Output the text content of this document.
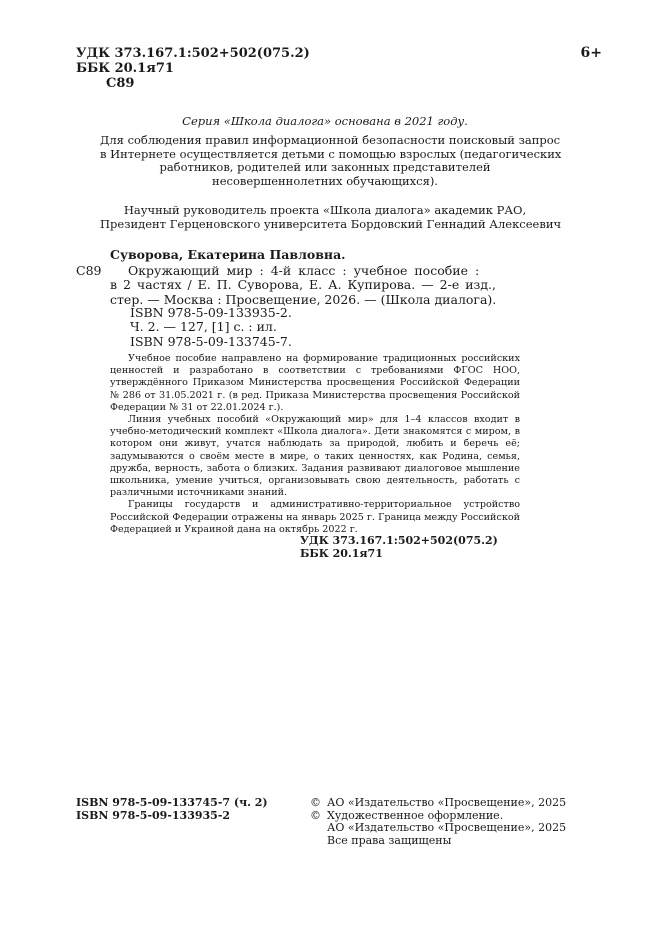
УДК 373.167.1:502+502(075.2)
ББК 20.1я71
С89
6+
Серия «Школа диалога» основана в 2021 году.
Для соблюдения правил информационной безопасности поисковый запрос
в Интернете осуществляется детьми с помощью взрослых (педагогических
работников, родителей или законных представителей
несовершеннолетних обучающихся).
Научный руководитель проекта «Школа диалога» академик РАО,
Президент Герценовского университета Бордовский Геннадий Алексеевич
Суворова, Екатерина Павловна.
С89	Окружающий мир : 4-й класс : учебное пособие :
в 2 частях / Е. П. Суворова, Е. А. Купирова. — 2-е изд.,
стер. — Москва : Просвещение, 2026. — (Школа диалога).
ISBN 978-5-09-133935-2.
Ч. 2. — 127, [1] с. : ил.
ISBN 978-5-09-133745-7.

Учебное пособие направлено на формирование традиционных российских ценностей и разработано в соответствии с требованиями ФГОС НОО, утверждённого Приказом Министерства просвещения Российской Федерации № 286 от 31.05.2021 г. (в ред. Приказа Министерства просвещения Российской Федерации № 31 от 22.01.2024 г.).

Линия учебных пособий «Окружающий мир» для 1–4 классов входит в учебно-методический комплект «Школа диалога». Дети знакомятся с миром, в котором они живут, учатся наблюдать за природой, любить и беречь её; задумываются о своём месте в мире, о таких ценностях, как Родина, семья, дружба, верность, забота о близких. Задания развивают диалоговое мышление школьника, умение учиться, организовывать свою деятельность, работать с различными источниками знаний.

Границы государств и административно-территориальное устройство Российской Федерации отражены на январь 2025 г. Граница между Российской Федерацией и Украиной дана на октябрь 2022 г.

УДК 373.167.1:502+502(075.2)
ББК 20.1я71
ISBN 978-5-09-133745-7 (ч. 2)
ISBN 978-5-09-133935-2
© АО «Издательство «Просвещение», 2025
© Художественное оформление.
АО «Издательство «Просвещение», 2025
Все права защищены
